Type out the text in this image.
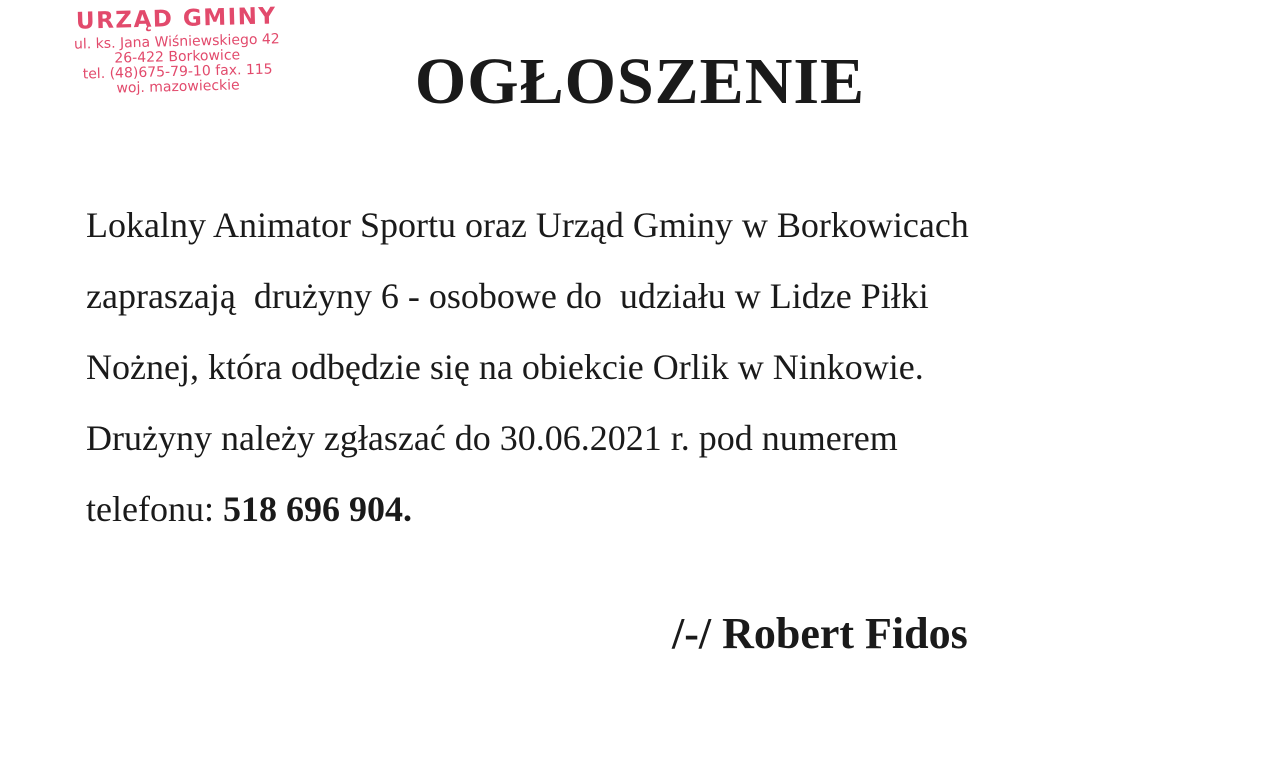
URZĄD GMINY
ul. ks. Jana Wiśniewskiego 42
26-422 Borkowice
tel. (48)675-79-10 fax. 115
woj. mazowieckie	OGŁOSZENIE
Lokalny Animator Sportu oraz Urząd Gminy w Borkowicach
zapraszają  drużyny 6 - osobowe do  udziału w Lidze Piłki
Nożnej, która odbędzie się na obiekcie Orlik w Ninkowie.
Drużyny należy zgłaszać do 30.06.2021 r. pod numerem
telefonu: 518 696 904.
/-/ Robert Fidos
